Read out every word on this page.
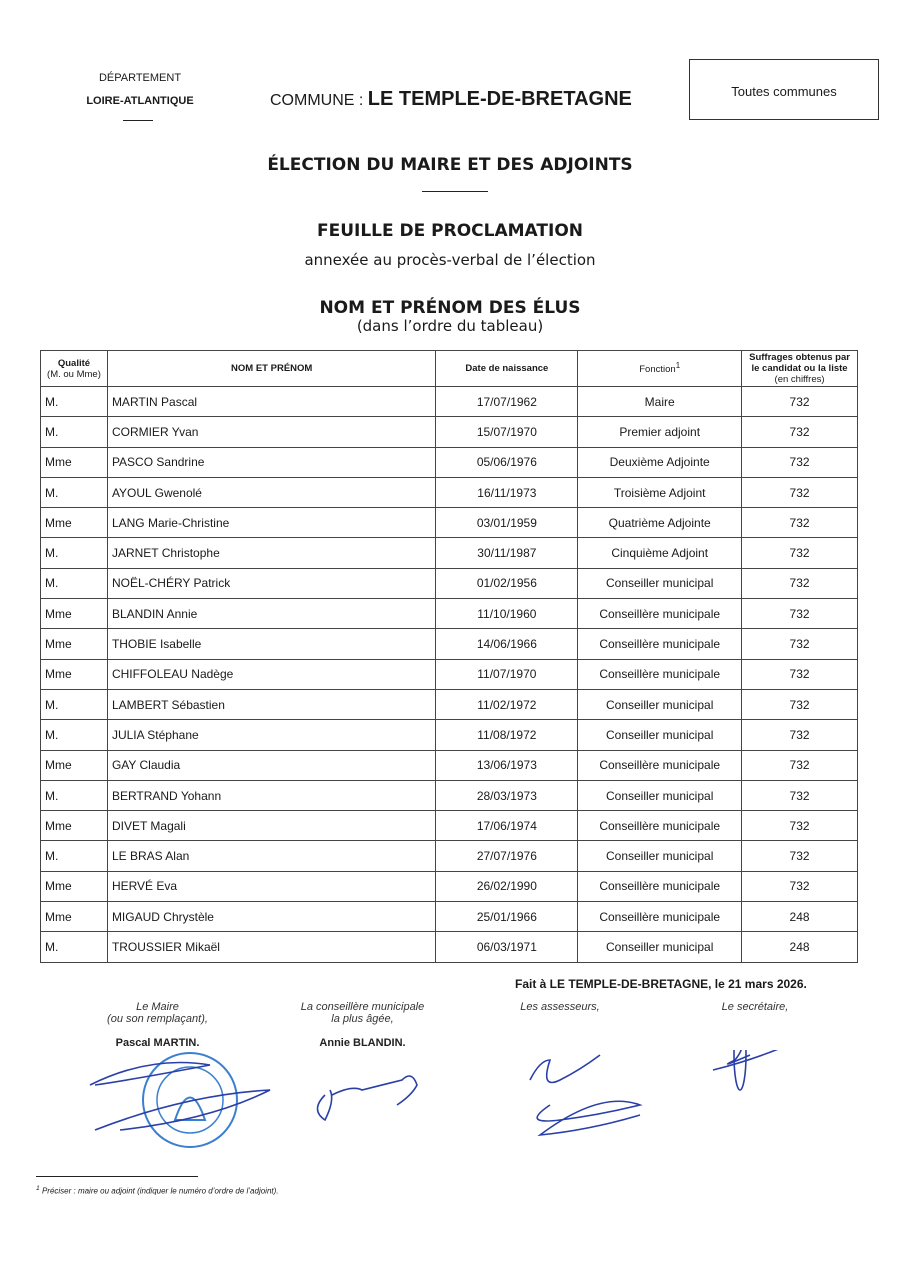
DÉPARTEMENT
LOIRE-ATLANTIQUE	COMMUNE : LE TEMPLE-DE-BRETAGNE	Toutes communes
ÉLECTION DU MAIRE ET DES ADJOINTS
FEUILLE DE PROCLAMATION
annexée au procès-verbal de l’élection
NOM ET PRÉNOM DES ÉLUS
(dans l’ordre du tableau)
Qualité
(M. ou Mme)	NOM ET PRÉNOM	Date de naissance	Fonction$^1$	Suffrages obtenus par le candidat ou la liste
(en chiffres)
M.	MARTIN Pascal	17/07/1962	Maire	732
M.	CORMIER Yvan	15/07/1970	Premier adjoint	732
Mme	PASCO Sandrine	05/06/1976	Deuxième Adjointe	732
M.	AYOUL Gwenolé	16/11/1973	Troisième Adjoint	732
Mme	LANG Marie-Christine	03/01/1959	Quatrième Adjointe	732
M.	JARNET Christophe	30/11/1987	Cinquième Adjoint	732
M.	NOËL-CHÉRY Patrick	01/02/1956	Conseiller municipal	732
Mme	BLANDIN Annie	11/10/1960	Conseillère municipale	732
Mme	THOBIE Isabelle	14/06/1966	Conseillère municipale	732
Mme	CHIFFOLEAU Nadège	11/07/1970	Conseillère municipale	732
M.	LAMBERT Sébastien	11/02/1972	Conseiller municipal	732
M.	JULIA Stéphane	11/08/1972	Conseiller municipal	732
Mme	GAY Claudia	13/06/1973	Conseillère municipale	732
M.	BERTRAND Yohann	28/03/1973	Conseiller municipal	732
Mme	DIVET Magali	17/06/1974	Conseillère municipale	732
M.	LE BRAS Alan	27/07/1976	Conseiller municipal	732
Mme	HERVÉ Eva	26/02/1990	Conseillère municipale	732
Mme	MIGAUD Chrystèle	25/01/1966	Conseillère municipale	248
M.	TROUSSIER Mikaël	06/03/1971	Conseiller municipal	248
Fait à LE TEMPLE-DE-BRETAGNE, le 21 mars 2026.
Le Maire
(ou son remplaçant),
Pascal MARTIN.
La conseillère municipale
la plus âgée,
Annie BLANDIN.
Les assesseurs,	Le secrétaire,
$^1$ Préciser : maire ou adjoint (indiquer le numéro d’ordre de l’adjoint).
